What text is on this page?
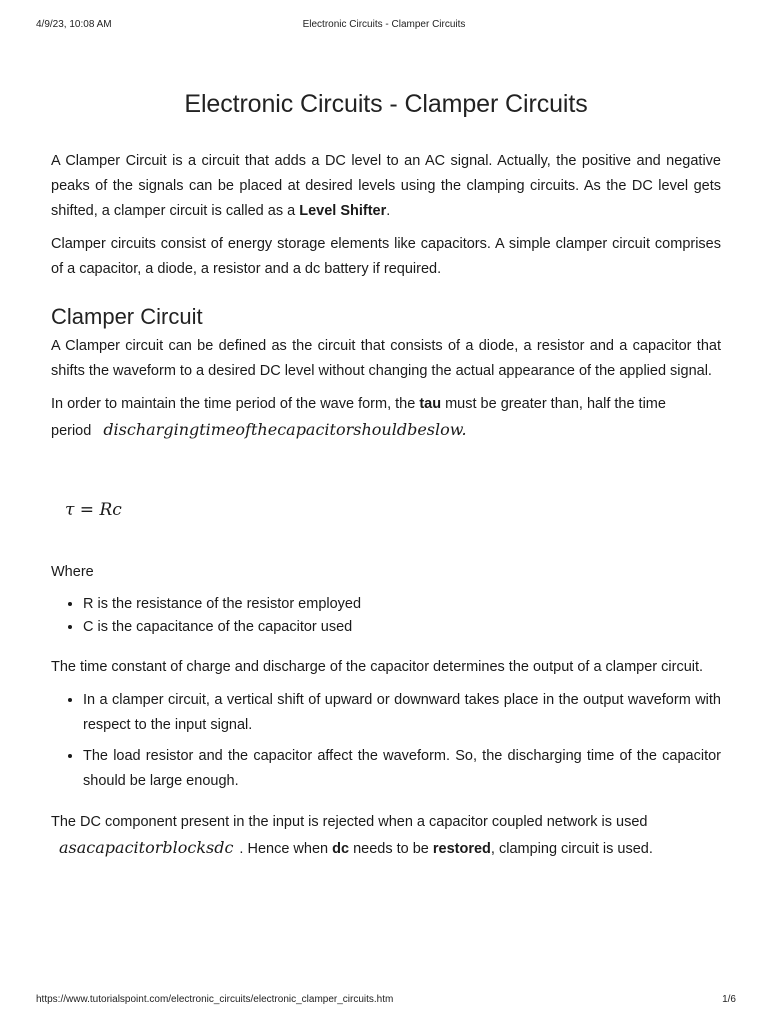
4/9/23, 10:08 AM	Electronic Circuits - Clamper Circuits
Electronic Circuits - Clamper Circuits

A Clamper Circuit is a circuit that adds a DC level to an AC signal. Actually, the positive and negative peaks of the signals can be placed at desired levels using the clamping circuits. As the DC level gets shifted, a clamper circuit is called as a Level Shifter.

Clamper circuits consist of energy storage elements like capacitors. A simple clamper circuit comprises of a capacitor, a diode, a resistor and a dc battery if required.

Clamper Circuit

A Clamper circuit can be defined as the circuit that consists of a diode, a resistor and a capacitor that shifts the waveform to a desired DC level without changing the actual appearance of the applied signal.

In order to maintain the time period of the wave form, the tau must be greater than, half the time period dischargingtimeofthecapacitorshouldbeslow.

τ = Rc

Where

• R is the resistance of the resistor employed
• C is the capacitance of the capacitor used

The time constant of charge and discharge of the capacitor determines the output of a clamper circuit.

• In a clamper circuit, a vertical shift of upward or downward takes place in the output waveform with respect to the input signal.
• The load resistor and the capacitor affect the waveform. So, the discharging time of the capacitor should be large enough.

The DC component present in the input is rejected when a capacitor coupled network is used
asacapacitorblocksdc . Hence when dc needs to be restored, clamping circuit is used.

https://www.tutorialspoint.com/electronic_circuits/electronic_clamper_circuits.htm	1/6
